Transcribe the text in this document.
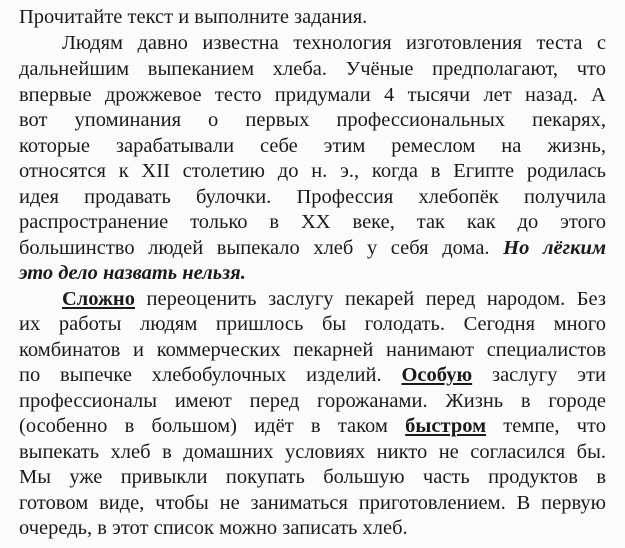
Прочитайте текст и выполните задания.
Людям давно известна технология изготовления теста с
дальнейшим выпеканием хлеба. Учёные предполагают, что
впервые дрожжевое тесто придумали 4 тысячи лет назад. А
вот упоминания о первых профессиональных пекарях,
которые зарабатывали себе этим ремеслом на жизнь,
относятся к XII столетию до н. э., когда в Египте родилась
идея продавать булочки. Профессия хлебопёк получила
распространение только в XX веке, так как до этого
большинство людей выпекало хлеб у себя дома. Но лёгким
это дело назвать нельзя.
Сложно переоценить заслугу пекарей перед народом. Без
их работы людям пришлось бы голодать. Сегодня много
комбинатов и коммерческих пекарней нанимают специалистов
по выпечке хлебобулочных изделий. Особую заслугу эти
профессионалы имеют перед горожанами. Жизнь в городе
(особенно в большом) идёт в таком быстром темпе, что
выпекать хлеб в домашних условиях никто не согласился бы.
Мы уже привыкли покупать большую часть продуктов в
готовом виде, чтобы не заниматься приготовлением. В первую
очередь, в этот список можно записать хлеб.
